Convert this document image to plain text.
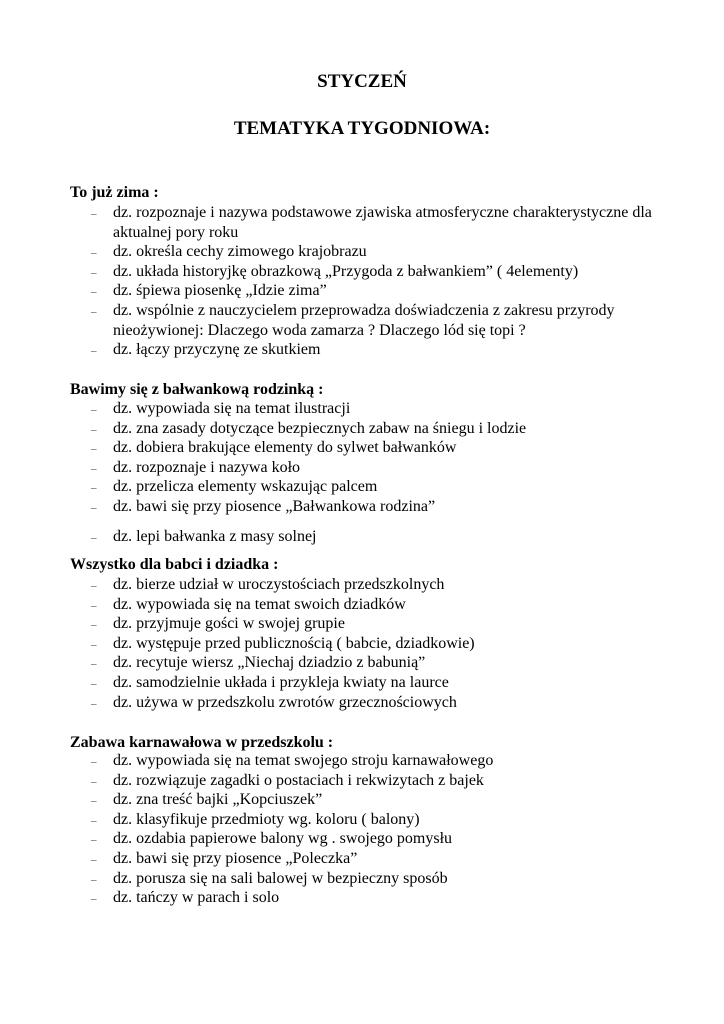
STYCZEŃ
TEMATYKA TYGODNIOWA:
To już zima :
– dz. rozpoznaje i nazywa podstawowe zjawiska atmosferyczne charakterystyczne dla aktualnej pory roku
– dz. określa cechy zimowego krajobrazu
– dz. układa historyjkę obrazkową „Przygoda z bałwankiem” ( 4elementy)
– dz. śpiewa piosenkę „Idzie zima”
– dz. wspólnie z nauczycielem przeprowadza doświadczenia z zakresu przyrody nieożywionej: Dlaczego woda zamarza ? Dlaczego lód się topi ?
– dz. łączy przyczynę ze skutkiem
Bawimy się z bałwankową rodzinką :
– dz. wypowiada się na temat ilustracji
– dz. zna zasady dotyczące bezpiecznych zabaw na śniegu i lodzie
– dz. dobiera brakujące elementy do sylwet bałwanków
– dz. rozpoznaje i nazywa koło
– dz. przelicza elementy wskazując palcem
– dz. bawi się przy piosence „Bałwankowa rodzina”
– dz. lepi bałwanka z masy solnej
Wszystko dla babci i dziadka :
– dz. bierze udział w uroczystościach przedszkolnych
– dz. wypowiada się na temat swoich dziadków
– dz. przyjmuje gości w swojej grupie
– dz. występuje przed publicznością ( babcie, dziadkowie)
– dz. recytuje wiersz „Niechaj dziadzio z babunią”
– dz. samodzielnie układa i przykleja kwiaty na laurce
– dz. używa w przedszkolu zwrotów grzecznościowych
Zabawa karnawałowa w przedszkolu :
– dz. wypowiada się na temat swojego stroju karnawałowego
– dz. rozwiązuje zagadki o postaciach i rekwizytach z bajek
– dz. zna treść bajki „Kopciuszek”
– dz. klasyfikuje przedmioty wg. koloru ( balony)
– dz. ozdabia papierowe balony wg . swojego pomysłu
– dz. bawi się przy piosence „Poleczka”
– dz. porusza się na sali balowej w bezpieczny sposób
– dz. tańczy w parach i solo
